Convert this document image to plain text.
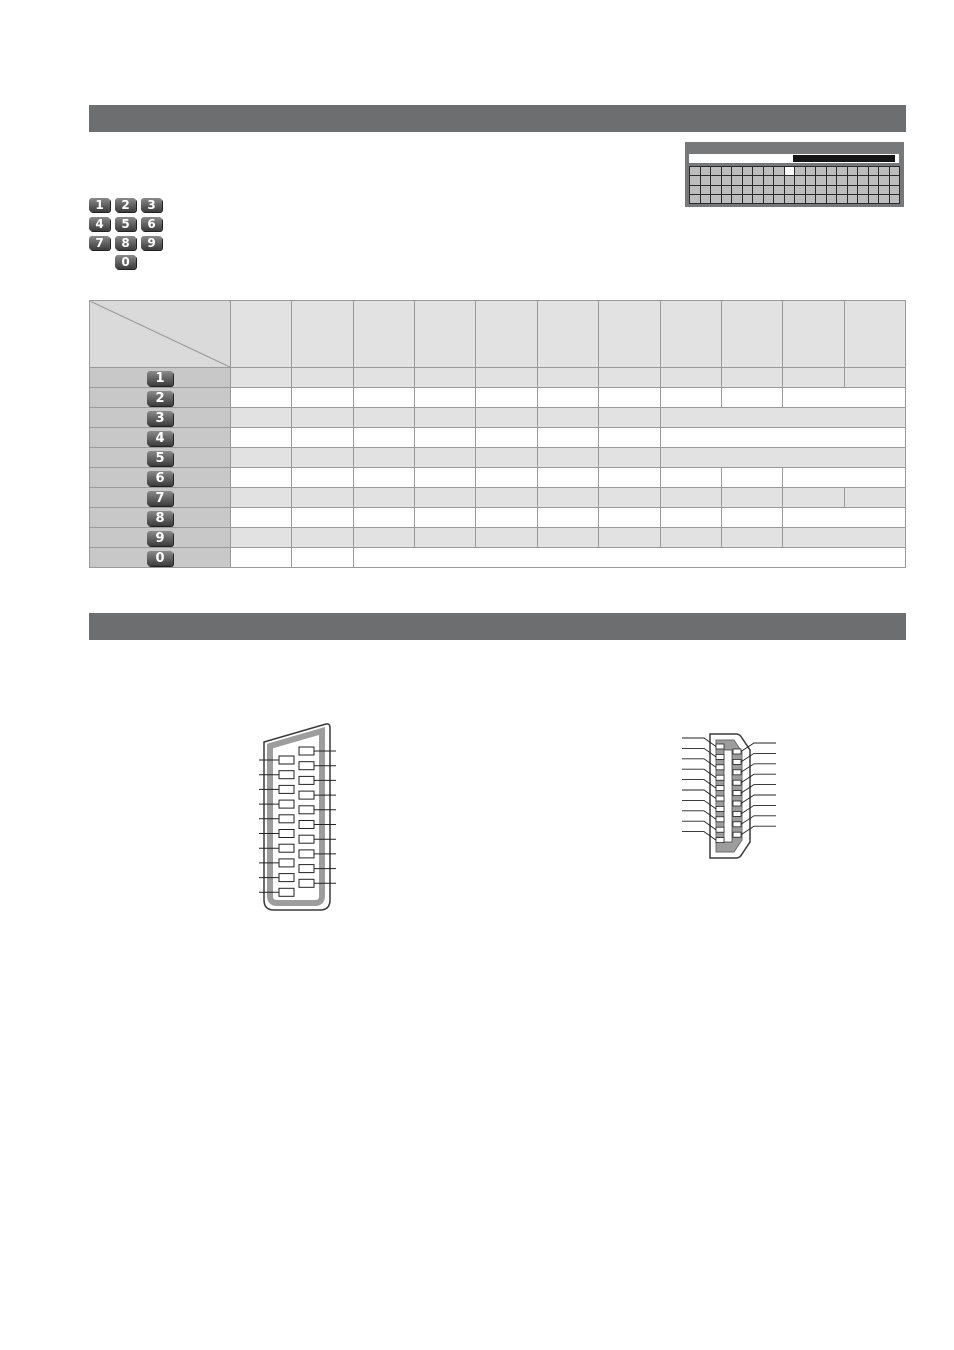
1	2	3
4	5	6
7	8	9
0

1											
2											
3											
4											
5											
6											
7											
8											
9											
0											
